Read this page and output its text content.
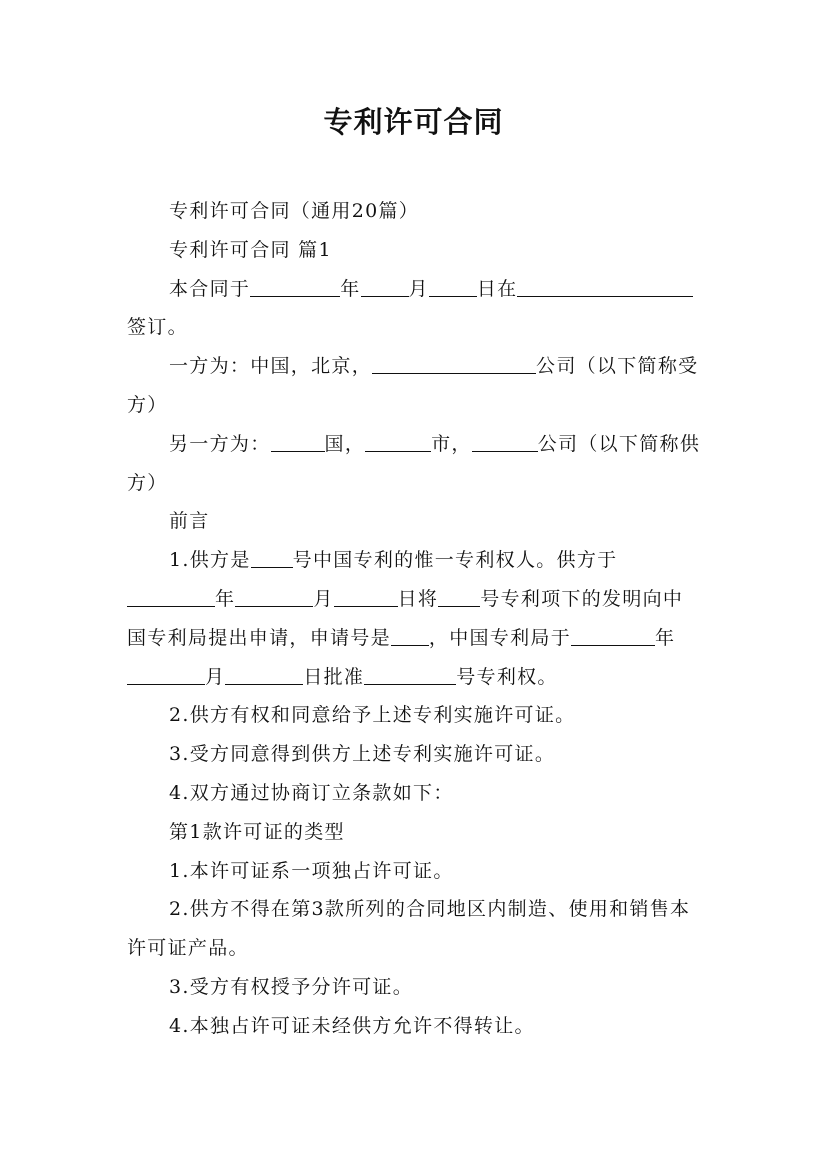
专利许可合同

专利许可合同（通用20篇）

专利许可合同 篇1

本合同于	年	月	日在签订。

一方为：中国，北京，	公司（以下简称受方）

另一方为：	国，	市，	公司（以下简称供方）

前言

1.供方是 号中国专利的惟一专利权人。供方于年	月	日将 号专利项下的发明向中国专利局提出申请，申请号是 ，中国专利局于	年月	日批准	号专利权。

2.供方有权和同意给予上述专利实施许可证。

3.受方同意得到供方上述专利实施许可证。

4.双方通过协商订立条款如下：

第1款许可证的类型

1.本许可证系一项独占许可证。

2.供方不得在第3款所列的合同地区内制造、使用和销售本许可证产品。

3.受方有权授予分许可证。

4.本独占许可证未经供方允许不得转让。
